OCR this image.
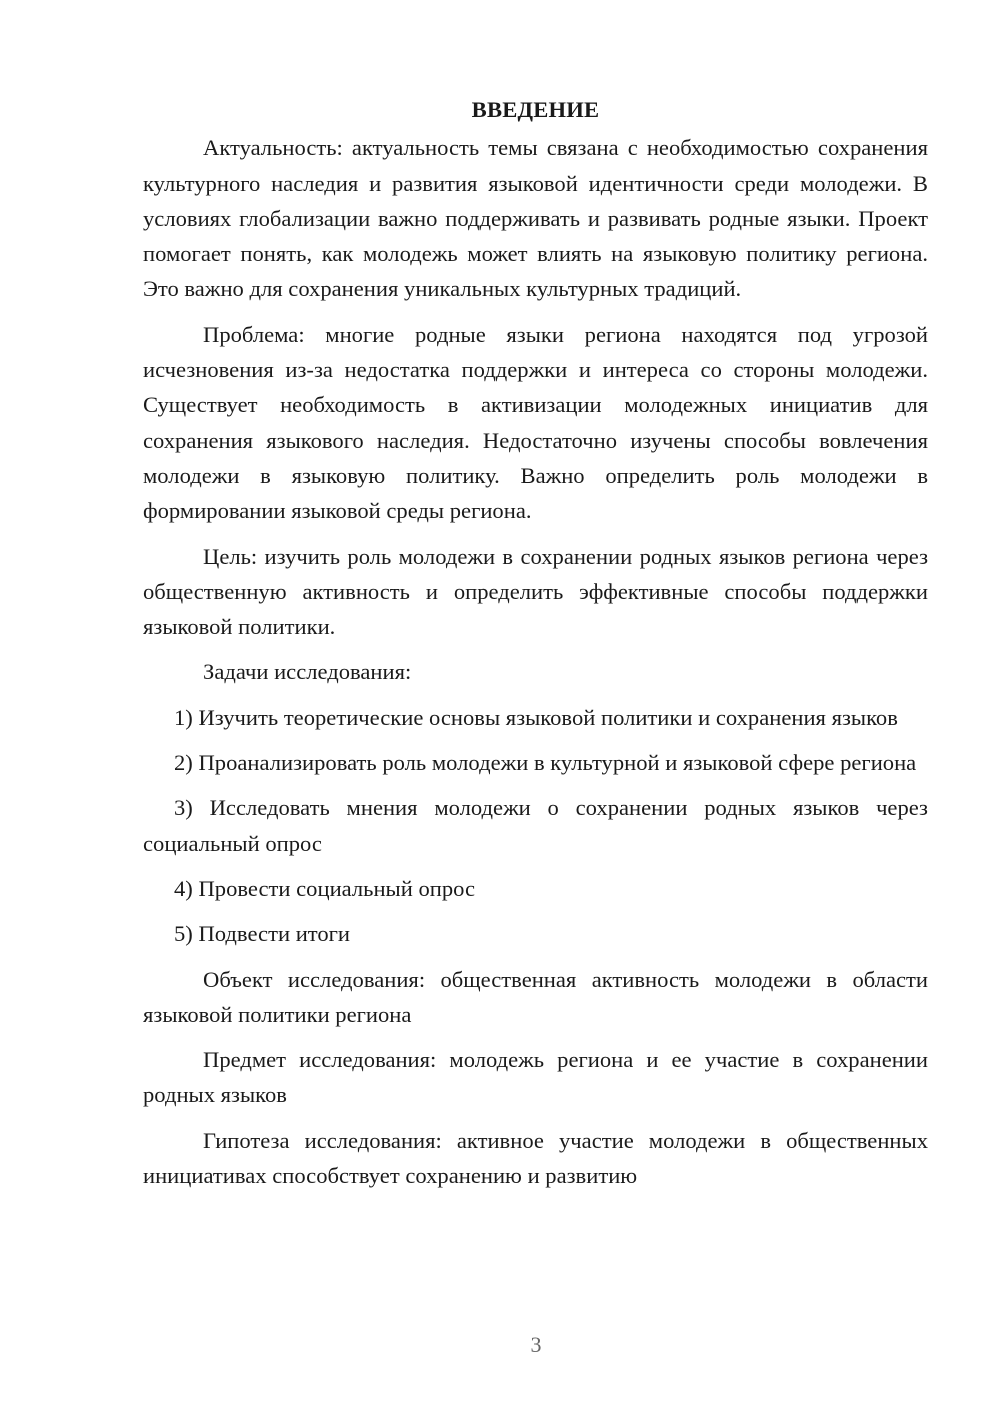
ВВЕДЕНИЕ

Актуальность: актуальность темы связана с необходимостью сохранения культурного наследия и развития языковой идентичности среди молодежи. В условиях глобализации важно поддерживать и развивать родные языки. Проект помогает понять, как молодежь может влиять на языковую политику региона. Это важно для сохранения уникальных культурных традиций.

Проблема: многие родные языки региона находятся под угрозой исчезновения из-за недостатка поддержки и интереса со стороны молодежи. Существует необходимость в активизации молодежных инициатив для сохранения языкового наследия. Недостаточно изучены способы вовлечения молодежи в языковую политику. Важно определить роль молодежи в формировании языковой среды региона.

Цель: изучить роль молодежи в сохранении родных языков региона через общественную активность и определить эффективные способы поддержки языковой политики.

Задачи исследования:

1) Изучить теоретические основы языковой политики и сохранения языков

2) Проанализировать роль молодежи в культурной и языковой сфере региона

3) Исследовать мнения молодежи о сохранении родных языков через социальный опрос

4) Провести социальный опрос

5) Подвести итоги

Объект исследования: общественная активность молодежи в области языковой политики региона

Предмет исследования: молодежь региона и ее участие в сохранении родных языков

Гипотеза исследования: активное участие молодежи в общественных инициативах способствует сохранению и развитию

3
